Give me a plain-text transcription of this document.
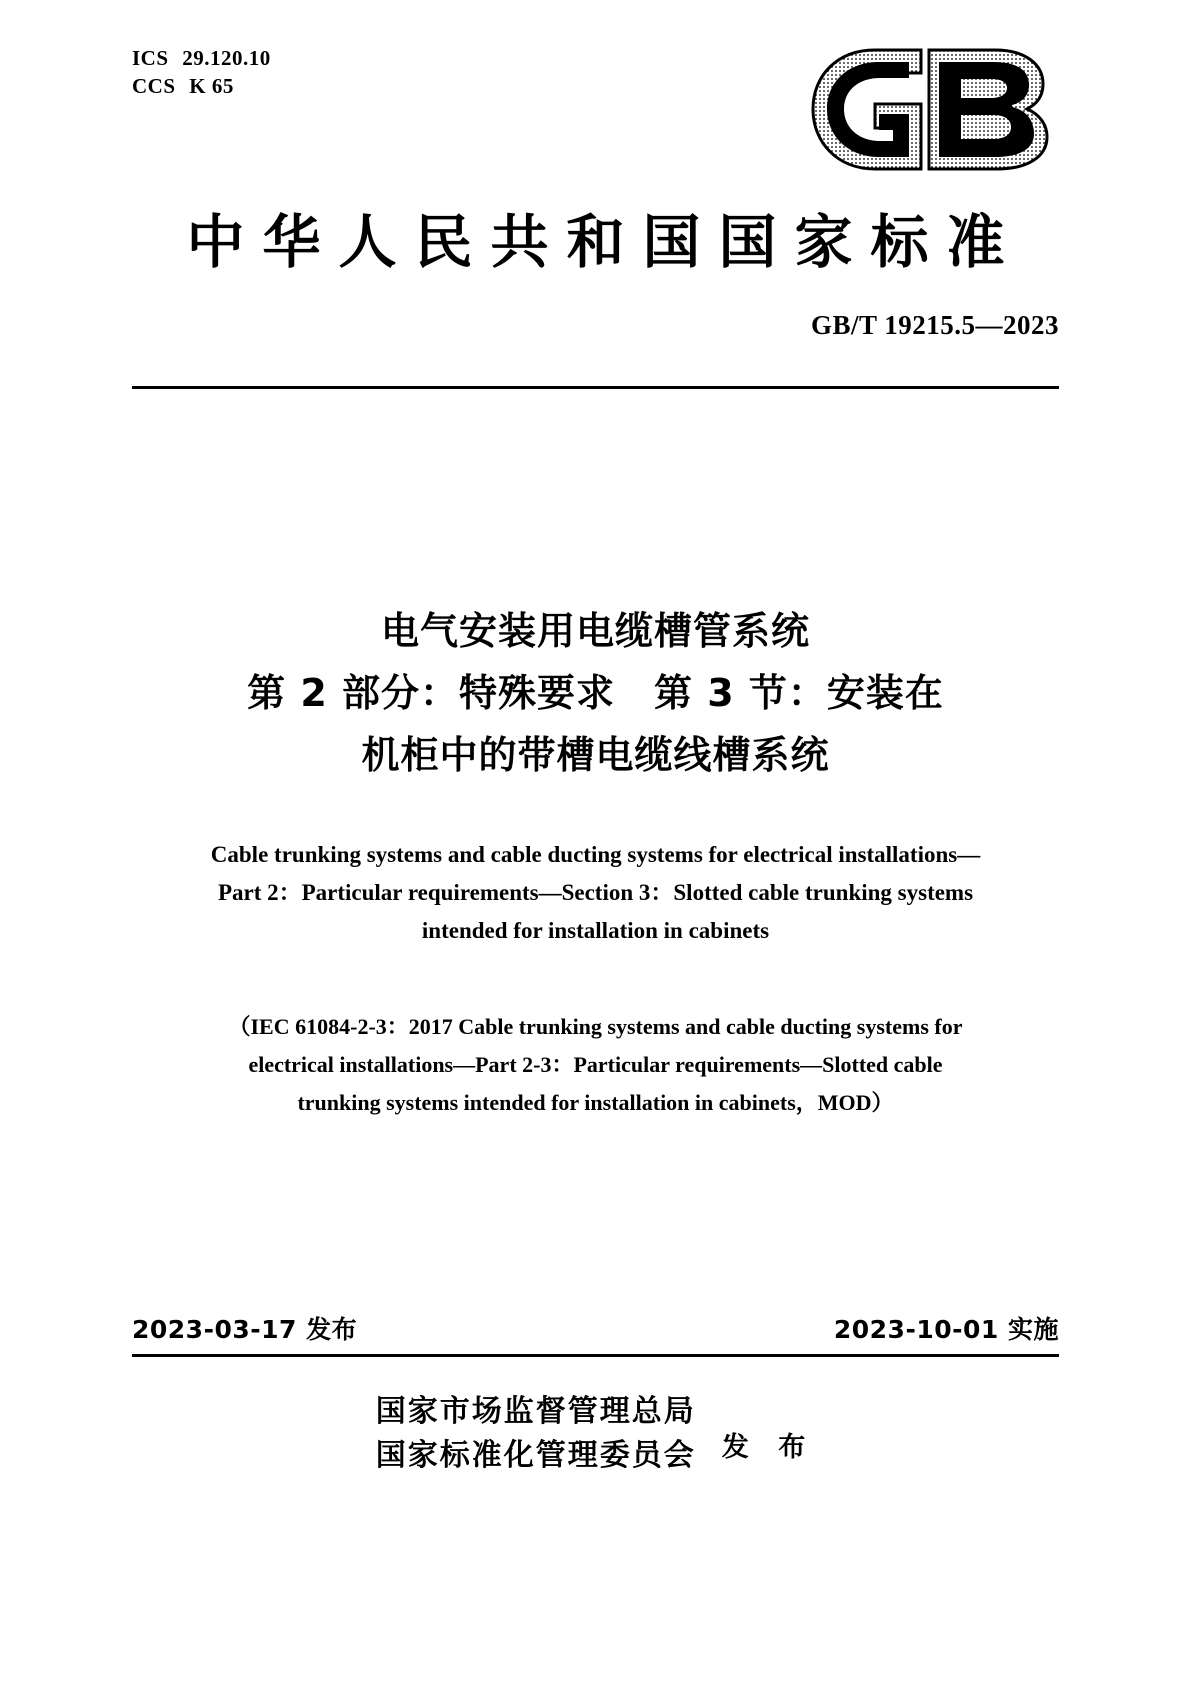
ICS 29.120.10
CCS K 65
中华人民共和国国家标准
GB/T 19215.5—2023
电气安装用电缆槽管系统
第 2 部分：特殊要求　第 3 节：安装在
机柜中的带槽电缆线槽系统
Cable trunking systems and cable ducting systems for electrical installations—
Part 2：Particular requirements—Section 3：Slotted cable trunking systems
intended for installation in cabinets
（IEC 61084-2-3：2017 Cable trunking systems and cable ducting systems for
electrical installations—Part 2-3：Particular requirements—Slotted cable
trunking systems intended for installation in cabinets，MOD）
2023-03-17 发布	2023-10-01 实施
国家市场监督管理总局
国家标准化管理委员会 发 布
